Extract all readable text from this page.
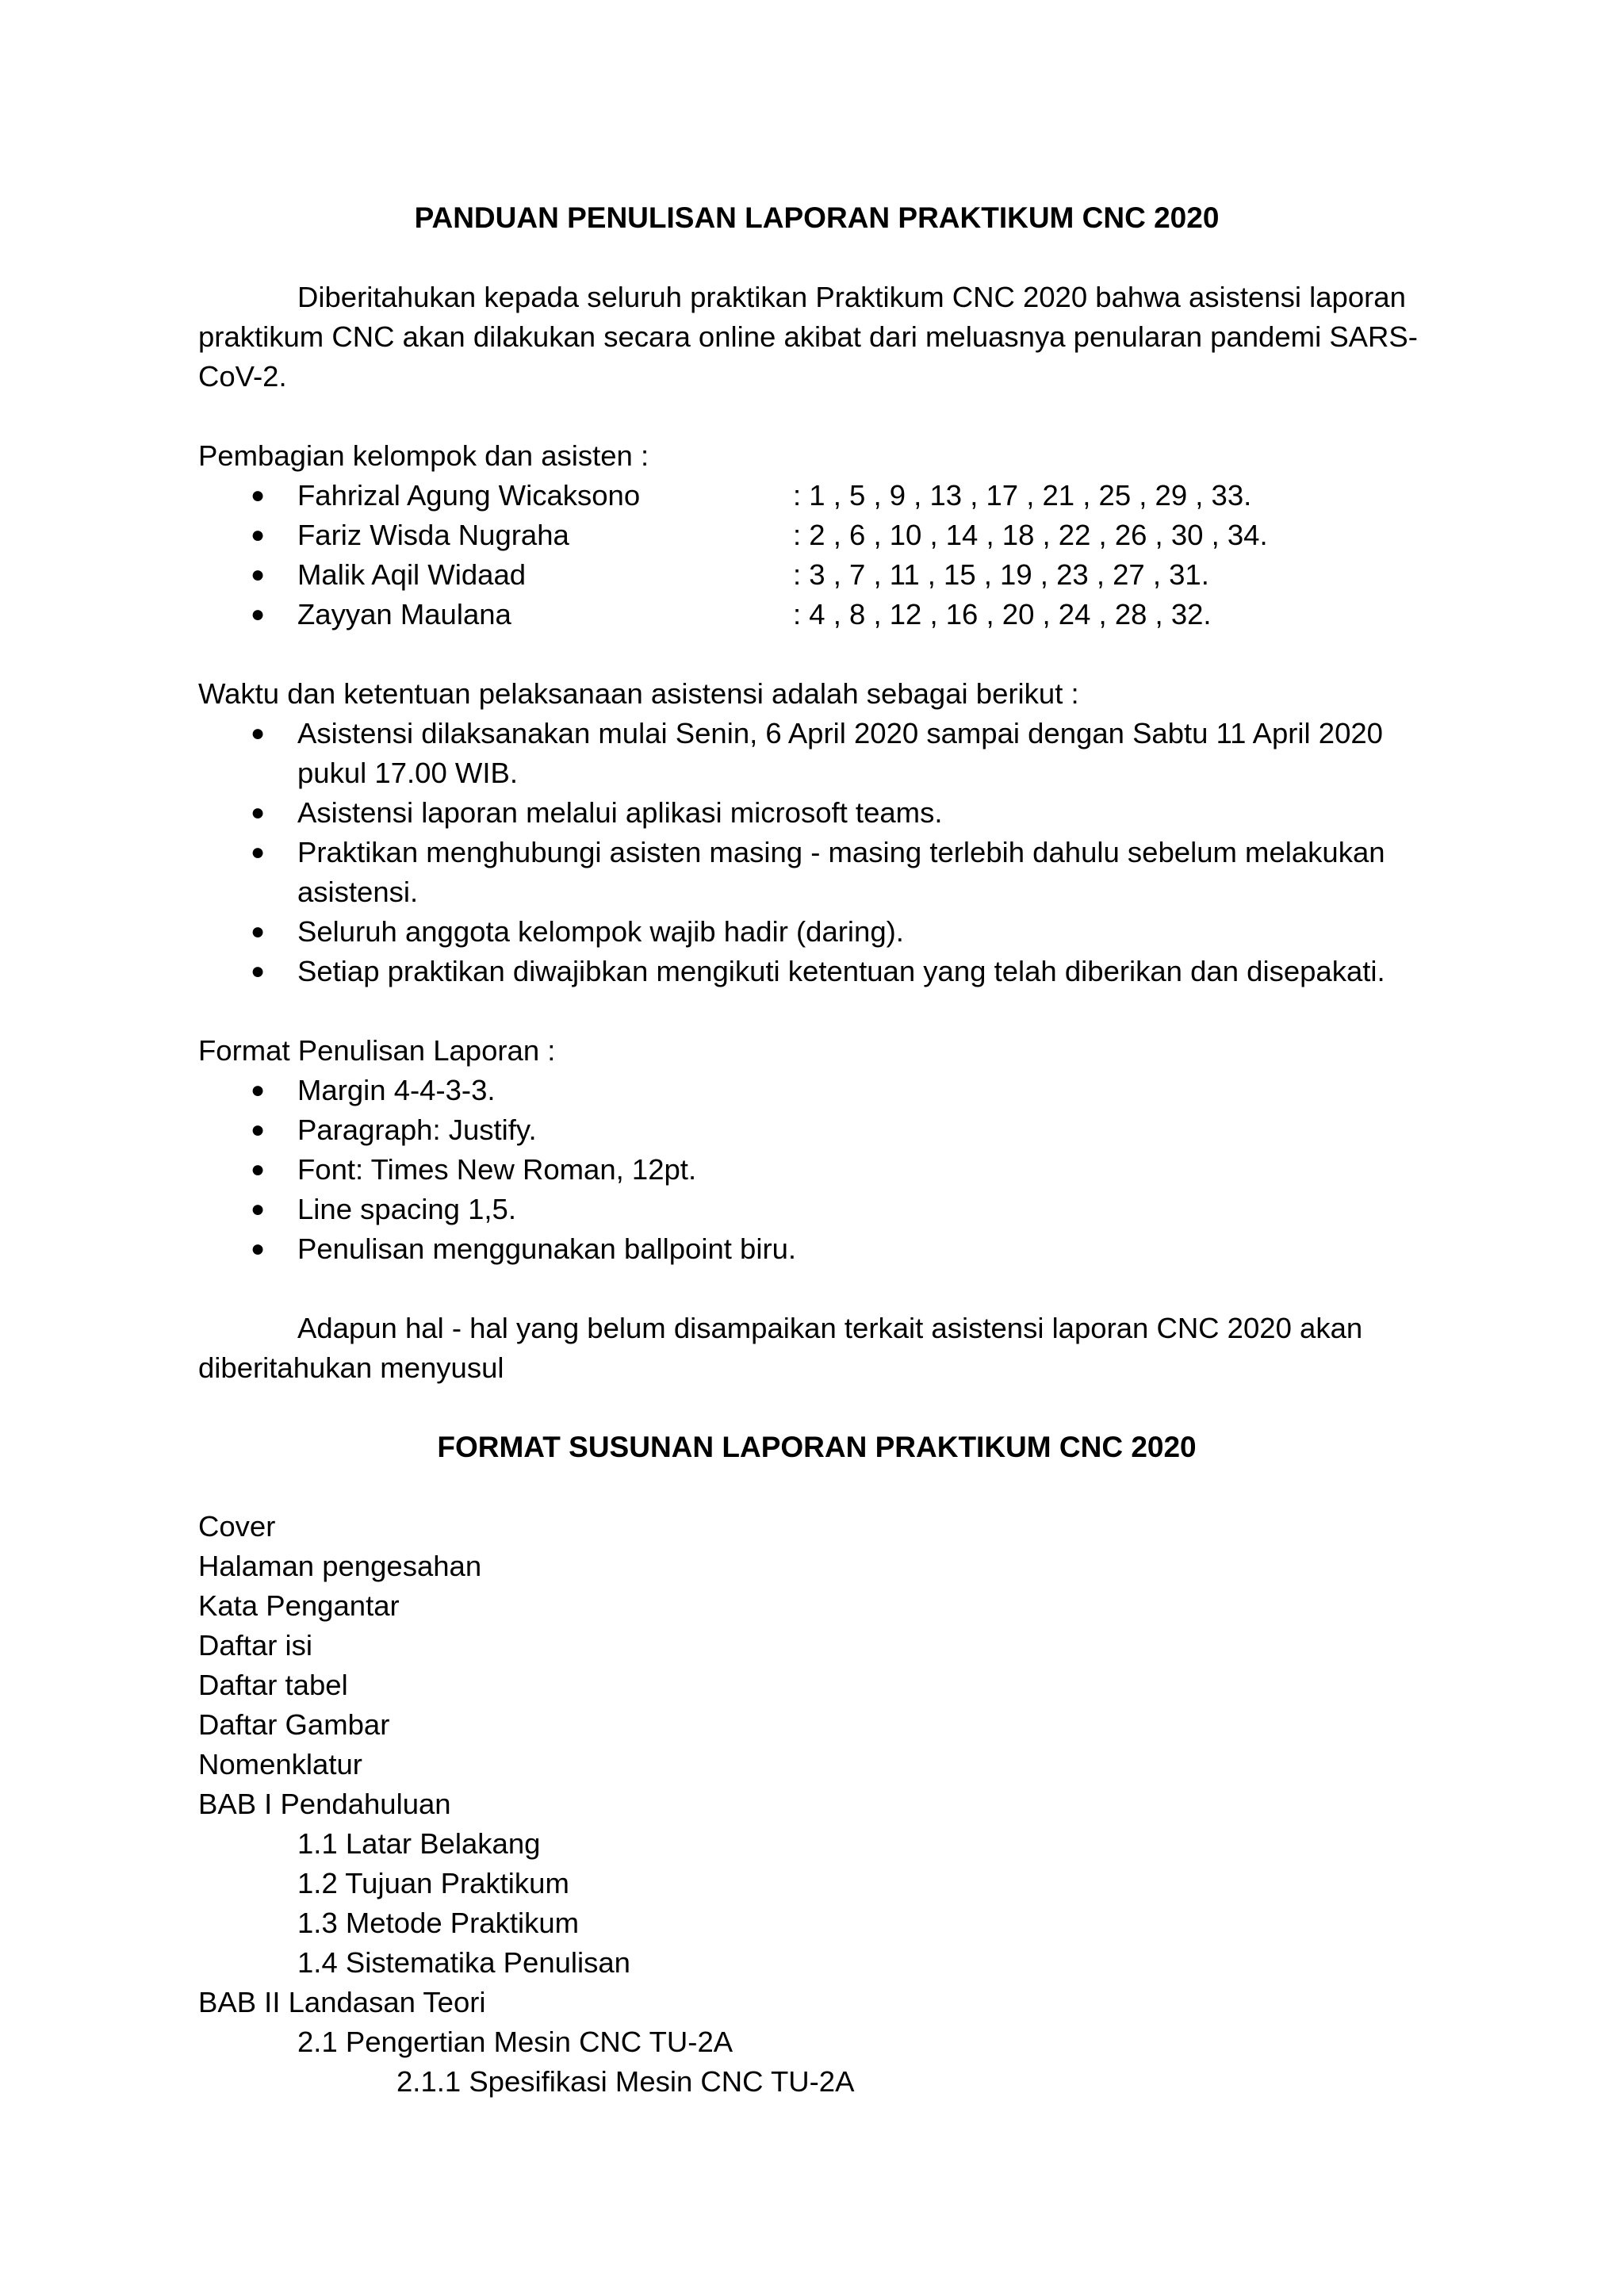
PANDUAN PENULISAN LAPORAN PRAKTIKUM CNC 2020

Diberitahukan kepada seluruh praktikan Praktikum CNC 2020 bahwa asistensi laporan praktikum CNC akan dilakukan secara online akibat dari meluasnya penularan pandemi SARS-CoV-2.

Pembagian kelompok dan asisten :

● Fahrizal Agung Wicaksono	: 1 , 5 , 9 , 13 , 17 , 21 , 25 , 29 , 33.
● Fariz Wisda Nugraha	: 2 , 6 , 10 , 14 , 18 , 22 , 26 , 30 , 34.
● Malik Aqil Widaad	: 3 , 7 , 11 , 15 , 19 , 23 , 27 , 31.
● Zayyan Maulana	: 4 , 8 , 12 , 16 , 20 , 24 , 28 , 32.

Waktu dan ketentuan pelaksanaan asistensi adalah sebagai berikut :

● Asistensi dilaksanakan mulai Senin, 6 April 2020 sampai dengan Sabtu 11 April 2020 pukul 17.00 WIB.
● Asistensi laporan melalui aplikasi microsoft teams.
● Praktikan menghubungi asisten masing - masing terlebih dahulu sebelum melakukan asistensi.
● Seluruh anggota kelompok wajib hadir (daring).
● Setiap praktikan diwajibkan mengikuti ketentuan yang telah diberikan dan disepakati.

Format Penulisan Laporan :

● Margin 4-4-3-3.
● Paragraph: Justify.
● Font: Times New Roman, 12pt.
● Line spacing 1,5.
● Penulisan menggunakan ballpoint biru.

Adapun hal - hal yang belum disampaikan terkait asistensi laporan CNC 2020 akan diberitahukan menyusul

FORMAT SUSUNAN LAPORAN PRAKTIKUM CNC 2020

Cover

Halaman pengesahan

Kata Pengantar

Daftar isi

Daftar tabel

Daftar Gambar

Nomenklatur

BAB I Pendahuluan

1.1 Latar Belakang

1.2 Tujuan Praktikum

1.3 Metode Praktikum

1.4 Sistematika Penulisan

BAB II Landasan Teori

2.1 Pengertian Mesin CNC TU-2A

2.1.1 Spesifikasi Mesin CNC TU-2A
